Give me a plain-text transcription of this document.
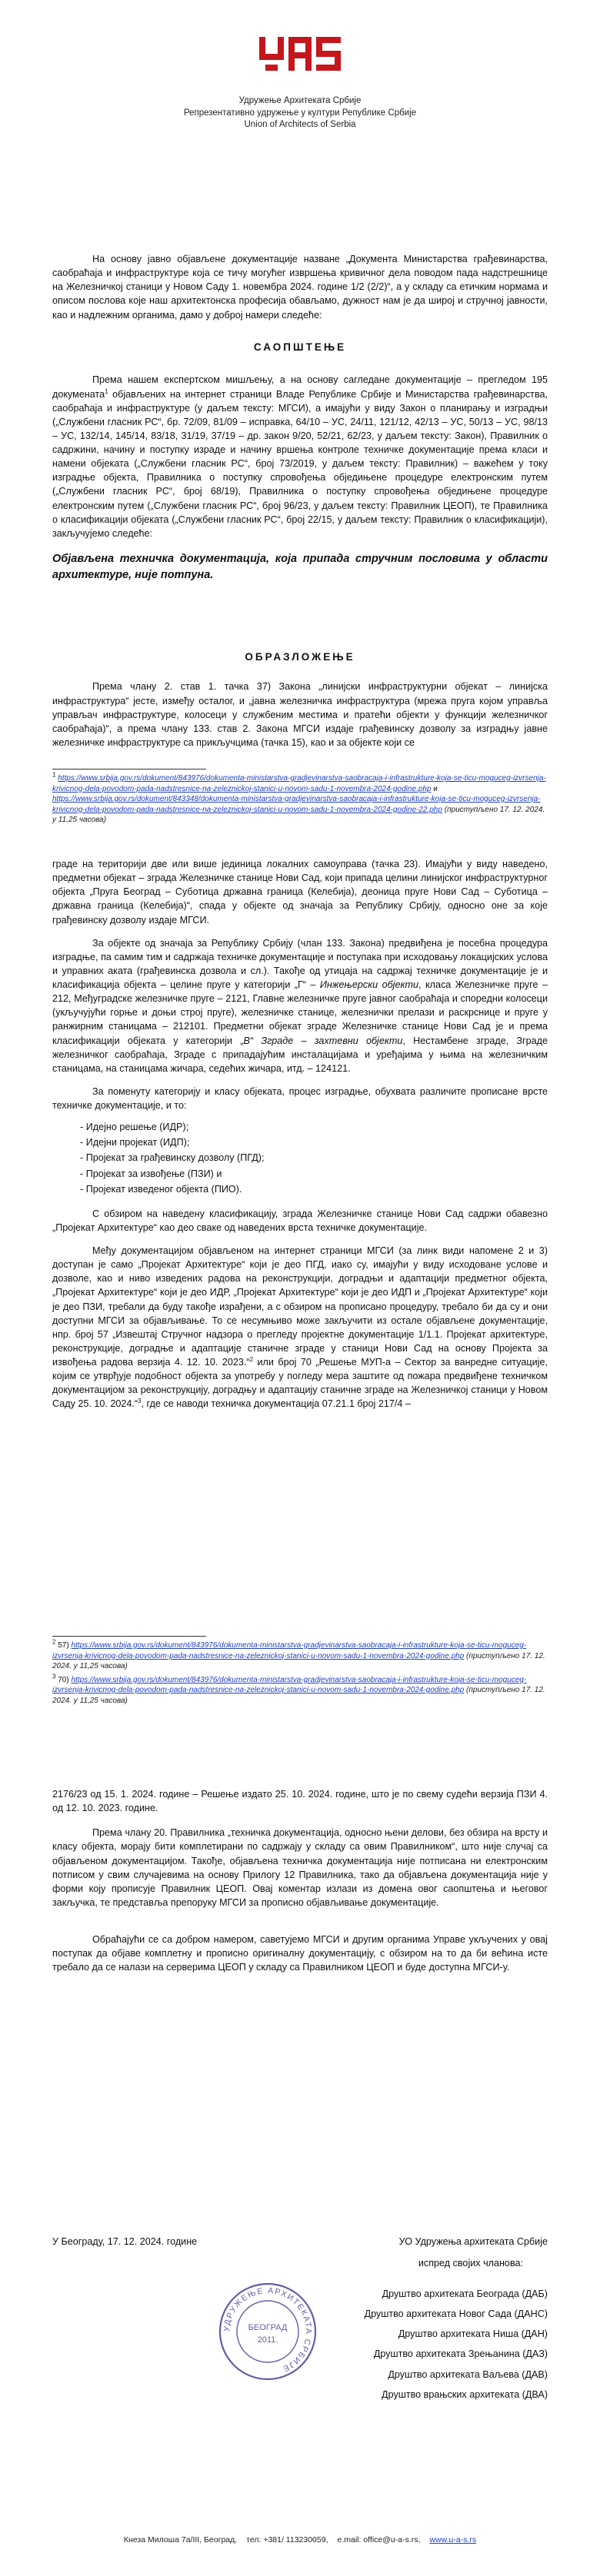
Удружење Архитеката Србије
Репрезентативно удружење у култури Републике Србије
Union of Architects of Serbia

На основу јавно објављене документације названe „Документа Министарства грађевинарства, саобраћаја и инфраструктуре која се тичу могућег извршења кривичног дела поводом пада надстрешнице на Железничкој станици у Новом Саду 1. новембра 2024. године 1/2 (2/2)“, а у складу са етичким нормама и описом послова које наш архитектонска професија обављамо, дужност нам је да широј и стручној јавности, као и надлежним органима, дамо у доброј намери следеће:

САОПШТЕЊЕ

Према нашем експертском мишљењу, а на основу сагледане документације – прегледом 195 докумената$^1$ објављених на интернет страници Владе Републике Србије и Министарства грађевинарства, саобраћаја и инфраструктуре (у даљем тексту: МГСИ), а имајући у виду Закон о планирању и изградњи („Службени гласник РС“, бр. 72/09, 81/09 – исправка, 64/10 – УС, 24/11, 121/12, 42/13 – УС, 50/13 – УС, 98/13 – УС, 132/14, 145/14, 83/18, 31/19, 37/19 – др. закон 9/20, 52/21, 62/23, у даљем тексту: Закон), Правилник о садржини, начину и поступку израде и начину вршења контроле техничке документације према класи и намени објеката („Службени гласник РС“, број 73/2019, у даљем тексту: Правилник) – важећем у току изградње објекта, Правилника о поступку спровођења обједињене процедуре електронским путем („Службени гласник РС“, број 68/19), Правилника о поступку спровођења обједињене процедуре електронским путем („Службени гласник РС“, број 96/23, у даљем тексту: Правилник ЦЕОП), те Правилника о класификацији објеката („Службени гласник РС“, број 22/15, у даљем тексту: Правилник о класификацији), закључујемо следеће:

Објављена техничка документација, која припада стручним пословима у области архитектуре, није потпуна.

ОБРАЗЛОЖЕЊЕ

Према члану 2. став 1. тачка 37) Закона „линијски инфраструктурни објекат – линијска инфраструктура“ јесте, између осталог, и „јавна железничка инфраструктура (мрежа пруга којом управља управљач инфраструктуре, колосеци у службеним местима и пратећи објекти у функцији железничког саобраћаја)“, а према члану 133. став 2. Закона МГСИ издаје грађевинску дозволу за изградњу јавне железничке инфраструктуре са прикључцима (тачка 15), као и за објекте који се

$^1$ https://www.srbija.gov.rs/dokument/843976/dokumenta-ministarstva-gradjevinarstva-saobracaja-i-infrastrukture-koja-se-ticu-moguceg-izvrsenja-krivicnog-dela-povodom-pada-nadstresnice-na-zeleznickoj-stanici-u-novom-sadu-1-novembra-2024-godine.php и https://www.srbija.gov.rs/dokument/843348/dokumenta-ministarstva-gradjevinarstva-saobracaja-i-infrastrukture-koja-se-ticu-moguceg-izvrsenja-krivicnog-dela-povodom-pada-nadstresnice-na-zeleznickoj-stanici-u-novom-sadu-1-novembra-2024-godine-22.php (приступљено 17. 12. 2024. у 11,25 часова)

граде на територији две или више јединица локалних самоуправа (тачка 23). Имајући у виду наведено, предметни објекат – зграда Железничке станице Нови Сад, који припада целини линијског инфраструктурног објекта „Пруга Београд – Суботица државна граница (Келебија), деоница пруге Нови Сад – Суботица – државна граница (Келебија)“, спада у објекте од значаја за Републику Србију, односно оне за које грађевинску дозволу издаје МГСИ.

За објекте од значаја за Републику Србију (члан 133. Закона) предвиђена је посебна процедура изградње, па самим тим и садржаја техничке документације и поступака при исходовању локацијских услова и управних аката (грађевинска дозвола и сл.). Такође од утицаја на садржај техничке документације је и класификација објекта – целине пруге у категорији „Г“ – Инжењерски објекти, класа Железничке пруге – 212, Међуградске железничке пруге – 2121, Главне железничке пруге јавног саобраћаја и споредни колосеци (укључујући горње и доњи строј пруге), железничке станице, железнички прелази и раскрснице и пруге у ранжирним станицама – 212101. Предметни објекат зграде Железничке станице Нови Сад је и према класификацији објеката у категорији „В“ Зграде – захтевни објекти, Нестамбене зграде, Зграде железничког саобраћаја, Зграде с припадајућим инсталацијама и уређајима у њима на железничким станицама, на станицама жичара, седећих жичара, итд. – 124121.

За поменуту категорију и класу објеката, процес изградње, обухвата различите прописане врсте техничке документације, и то:

- Идејно решење (ИДР);
- Идејни пројекат (ИДП);
- Пројекат за грађевинску дозволу (ПГД);
- Пројекат за извођење (ПЗИ) и
- Пројекат изведеног објекта (ПИО).

С обзиром на наведену класификацију, зграда Железничке станице Нови Сад садржи обавезно „Пројекат Архитектуре“ као део сваке од наведених врста техничке документације.

Међу документацијом објављеном на интернет страници МГСИ (за линк види напомене 2 и 3) доступан је само „Пројекат Архитектуре“ који је део ПГД, иако су, имајући у виду исходоване услове и дозволе, као и ниво изведених радова на реконструкцији, доградњи и адаптацији предметног објекта, „Пројекат Архитектуре“ који је део ИДР, „Пројекат Архитектуре“ који је део ИДП и „Пројекат Архитектуре“ који је део ПЗИ, требали да буду такође израђени, а с обзиром на прописано процедуру, требало би да су и они доступни МГСИ за објављивање. То се несумњиво може закључити из остале објављене документације, нпр. број 57 „Извештај Стручног надзора о прегледу пројектне документације 1/1.1. Пројекат архитектуре, реконструкције, доградње и адаптације станичне зграде у станици Нови Сад на основу Пројекта за извођења радова верзија 4. 12. 10. 2023.“$^2$ или број 70 „Решење МУП-а – Сектор за ванредне ситуације, којим се утврђује подобност објекта за употребу у погледу мера заштите од пожара предвиђене техничком документацијом за реконструкцију, доградњу и адаптацију станичне зграде на Железничкој станици у Новом Саду 25. 10. 2024.“$^3$, где се наводи техничка документација 07.21.1 број 217/4 –

$^2$ 57) https://www.srbija.gov.rs/dokument/843976/dokumenta-ministarstva-gradjevinarstva-saobracaja-i-infrastrukture-koja-se-ticu-moguceg-izvrsenja-krivicnog-dela-povodom-pada-nadstresnice-na-zeleznickoj-stanici-u-novom-sadu-1-novembra-2024-godine.php (приступљено 17. 12. 2024. у 11,25 часова)
$^3$ 70) https://www.srbija.gov.rs/dokument/843976/dokumenta-ministarstva-gradjevinarstva-saobracaja-i-infrastrukture-koja-se-ticu-moguceg-izvrsenja-krivicnog-dela-povodom-pada-nadstresnice-na-zeleznickoj-stanici-u-novom-sadu-1-novembra-2024-godine.php (приступљено 17. 12. 2024. у 11,25 часова)

2176/23 од 15. 1. 2024. године – Решење издато 25. 10. 2024. године, што је по свему судећи верзија ПЗИ 4. од 12. 10. 2023. године.

Према члану 20. Правилника „техничка документација, односно њени делови, без обзира на врсту и класу објекта, морају бити комплетирани по садржају у складу са овим Правилником“, што није случај са објављеном документацијом. Такође, објављена техничка документација није потписана ни електронским потписом у свим случајевима на основу Прилогу 12 Правилника, тако да објављена документација није у форми коју прописује Правилник ЦЕОП. Овај коментар излази из домена овог саопштења и његовог закључка, те представља препоруку МГСИ за прописно објављивање документације.

Обраћајући се са добром намером, саветујемо МГСИ и другим органима Управе укључених у овај поступак да објаве комплетну и прописно оригиналну документацију, с обзиром на то да би већина исте требало да се налази на серверима ЦЕОП у складу са Правилником ЦЕОП и буде доступна МГСИ-у.

У Београду, 17. 12. 2024. године	УО Удружења архитеката Србије
испред својих чланова:
Друштво архитеката Београда (ДАБ)
Друштво архитеката Новог Сада (ДАНС)
Друштво архитеката Ниша (ДАН)
Друштво архитеката Зрењанина (ДАЗ)
Друштво архитеката Ваљева (ДАВ)
Друштво врањских архитеката (ДВА)
УДРУЖЕЊЕ АРХИТЕКАТА СРБИЈЕ
БЕОГРАД
2011.
Кнеза Милоша 7а/III, Београд, тел: +381/ 113230059, e.mail: office@u-a-s.rs, www.u-a-s.rs
